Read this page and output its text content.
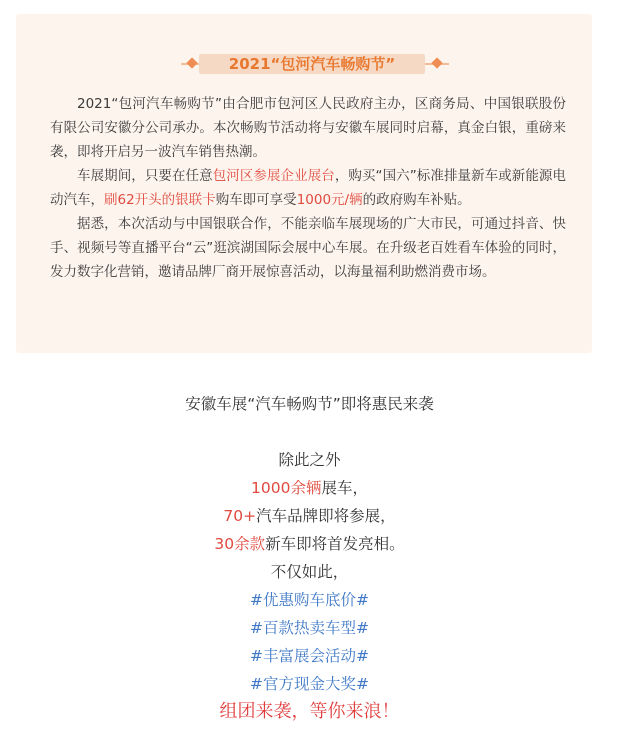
2021“包河汽车畅购节”

2021“包河汽车畅购节”由合肥市包河区人民政府主办，区商务局、中国银联股份有限公司安徽分公司承办。本次畅购节活动将与安徽车展同时启幕，真金白银，重磅来袭，即将开启另一波汽车销售热潮。

车展期间，只要在任意包河区参展企业展台，购买“国六”标准排量新车或新能源电动汽车，刷62开头的银联卡购车即可享受1000元/辆的政府购车补贴。

据悉，本次活动与中国银联合作，不能亲临车展现场的广大市民，可通过抖音、快手、视频号等直播平台“云”逛滨湖国际会展中心车展。在升级老百姓看车体验的同时，发力数字化营销，邀请品牌厂商开展惊喜活动，以海量福利助燃消费市场。

安徽车展“汽车畅购节”即将惠民来袭
除此之外
1000余辆展车，
70+汽车品牌即将参展，
30余款新车即将首发亮相。
不仅如此，
#优惠购车底价#
#百款热卖车型#
#丰富展会活动#
#官方现金大奖#
组团来袭，等你来浪！
